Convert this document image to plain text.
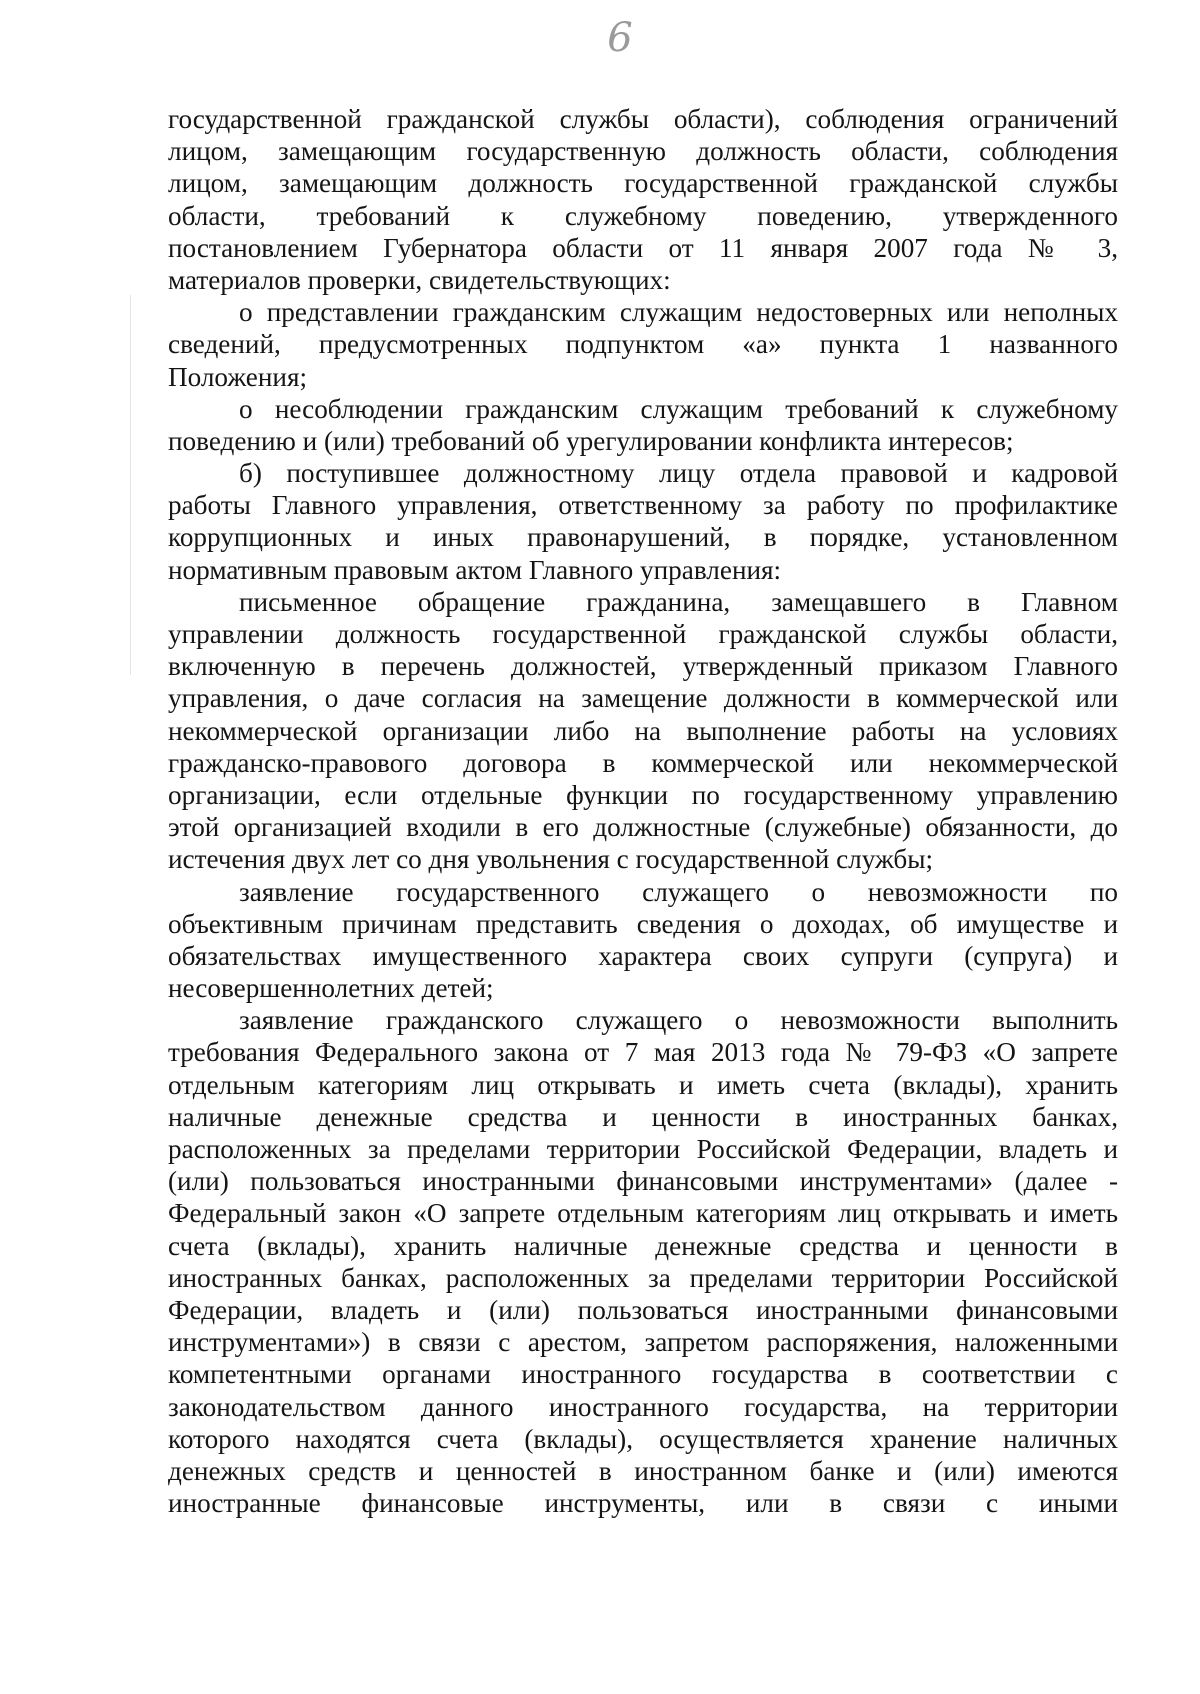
6
государственной гражданской службы области), соблюдения ограничений
лицом, замещающим государственную должность области, соблюдения
лицом, замещающим должность государственной гражданской службы
области, требований к служебному поведению, утвержденного
постановлением Губернатора области от 11 января 2007 года № 3,
материалов проверки, свидетельствующих:
о представлении гражданским служащим недостоверных или неполных
сведений, предусмотренных подпунктом «а» пункта 1 названного
Положения;
о несоблюдении гражданским служащим требований к служебному
поведению и (или) требований об урегулировании конфликта интересов;
б) поступившее должностному лицу отдела правовой и кадровой
работы Главного управления, ответственному за работу по профилактике
коррупционных и иных правонарушений, в порядке, установленном
нормативным правовым актом Главного управления:
письменное обращение гражданина, замещавшего в Главном
управлении должность государственной гражданской службы области,
включенную в перечень должностей, утвержденный приказом Главного
управления, о даче согласия на замещение должности в коммерческой или
некоммерческой организации либо на выполнение работы на условиях
гражданско-правового договора в коммерческой или некоммерческой
организации, если отдельные функции по государственному управлению
этой организацией входили в его должностные (служебные) обязанности, до
истечения двух лет со дня увольнения с государственной службы;
заявление государственного служащего о невозможности по
объективным причинам представить сведения о доходах, об имуществе и
обязательствах имущественного характера своих супруги (супруга) и
несовершеннолетних детей;
заявление гражданского служащего о невозможности выполнить
требования Федерального закона от 7 мая 2013 года № 79-ФЗ «О запрете
отдельным категориям лиц открывать и иметь счета (вклады), хранить
наличные денежные средства и ценности в иностранных банках,
расположенных за пределами территории Российской Федерации, владеть и
(или) пользоваться иностранными финансовыми инструментами» (далее -
Федеральный закон «О запрете отдельным категориям лиц открывать и иметь
счета (вклады), хранить наличные денежные средства и ценности в
иностранных банках, расположенных за пределами территории Российской
Федерации, владеть и (или) пользоваться иностранными финансовыми
инструментами») в связи с арестом, запретом распоряжения, наложенными
компетентными органами иностранного государства в соответствии с
законодательством данного иностранного государства, на территории
которого находятся счета (вклады), осуществляется хранение наличных
денежных средств и ценностей в иностранном банке и (или) имеются
иностранные финансовые инструменты, или в связи с иными
